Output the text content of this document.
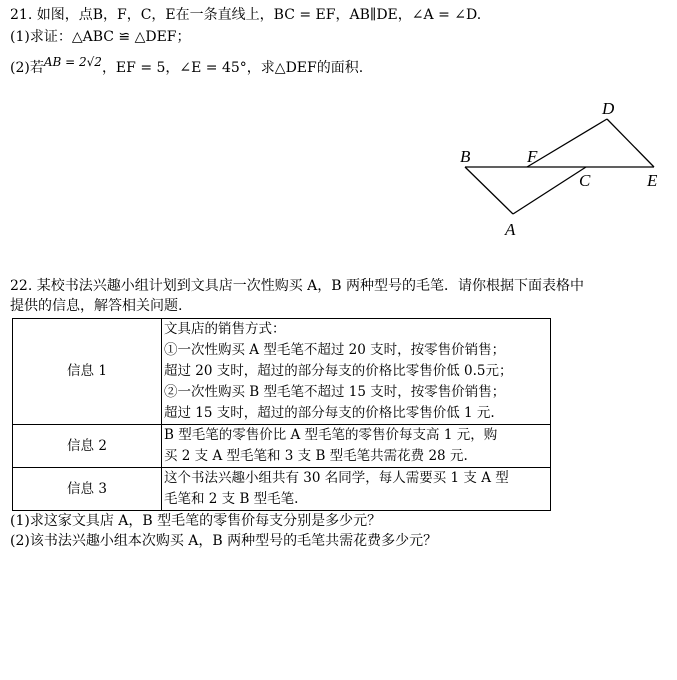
21. 如图，点B，F，C，E在一条直线上，BC = EF，AB∥DE，∠A = ∠D.
(1)求证：△ABC ≌ △DEF；
(2)若AB = 2√2，EF = 5，∠E = 45°，求△DEF的面积.
B	F
C	E
D
A
22. 某校书法兴趣小组计划到文具店一次性购买 A，B 两种型号的毛笔．请你根据下面表格中
提供的信息，解答相关问题.
信息 1	文具店的销售方式：
①一次性购买 A 型毛笔不超过 20 支时，按零售价销售；
超过 20 支时，超过的部分每支的价格比零售价低 0.5元；
②一次性购买 B 型毛笔不超过 15 支时，按零售价销售；
超过 15 支时，超过的部分每支的价格比零售价低 1 元.

信息 2	B 型毛笔的零售价比 A 型毛笔的零售价每支高 1 元，购
买 2 支 A 型毛笔和 3 支 B 型毛笔共需花费 28 元.

信息 3	这个书法兴趣小组共有 30 名同学，每人需要买 1 支 A 型
毛笔和 2 支 B 型毛笔.
(1)求这家文具店 A，B 型毛笔的零售价每支分别是多少元？
(2)该书法兴趣小组本次购买 A，B 两种型号的毛笔共需花费多少元？
